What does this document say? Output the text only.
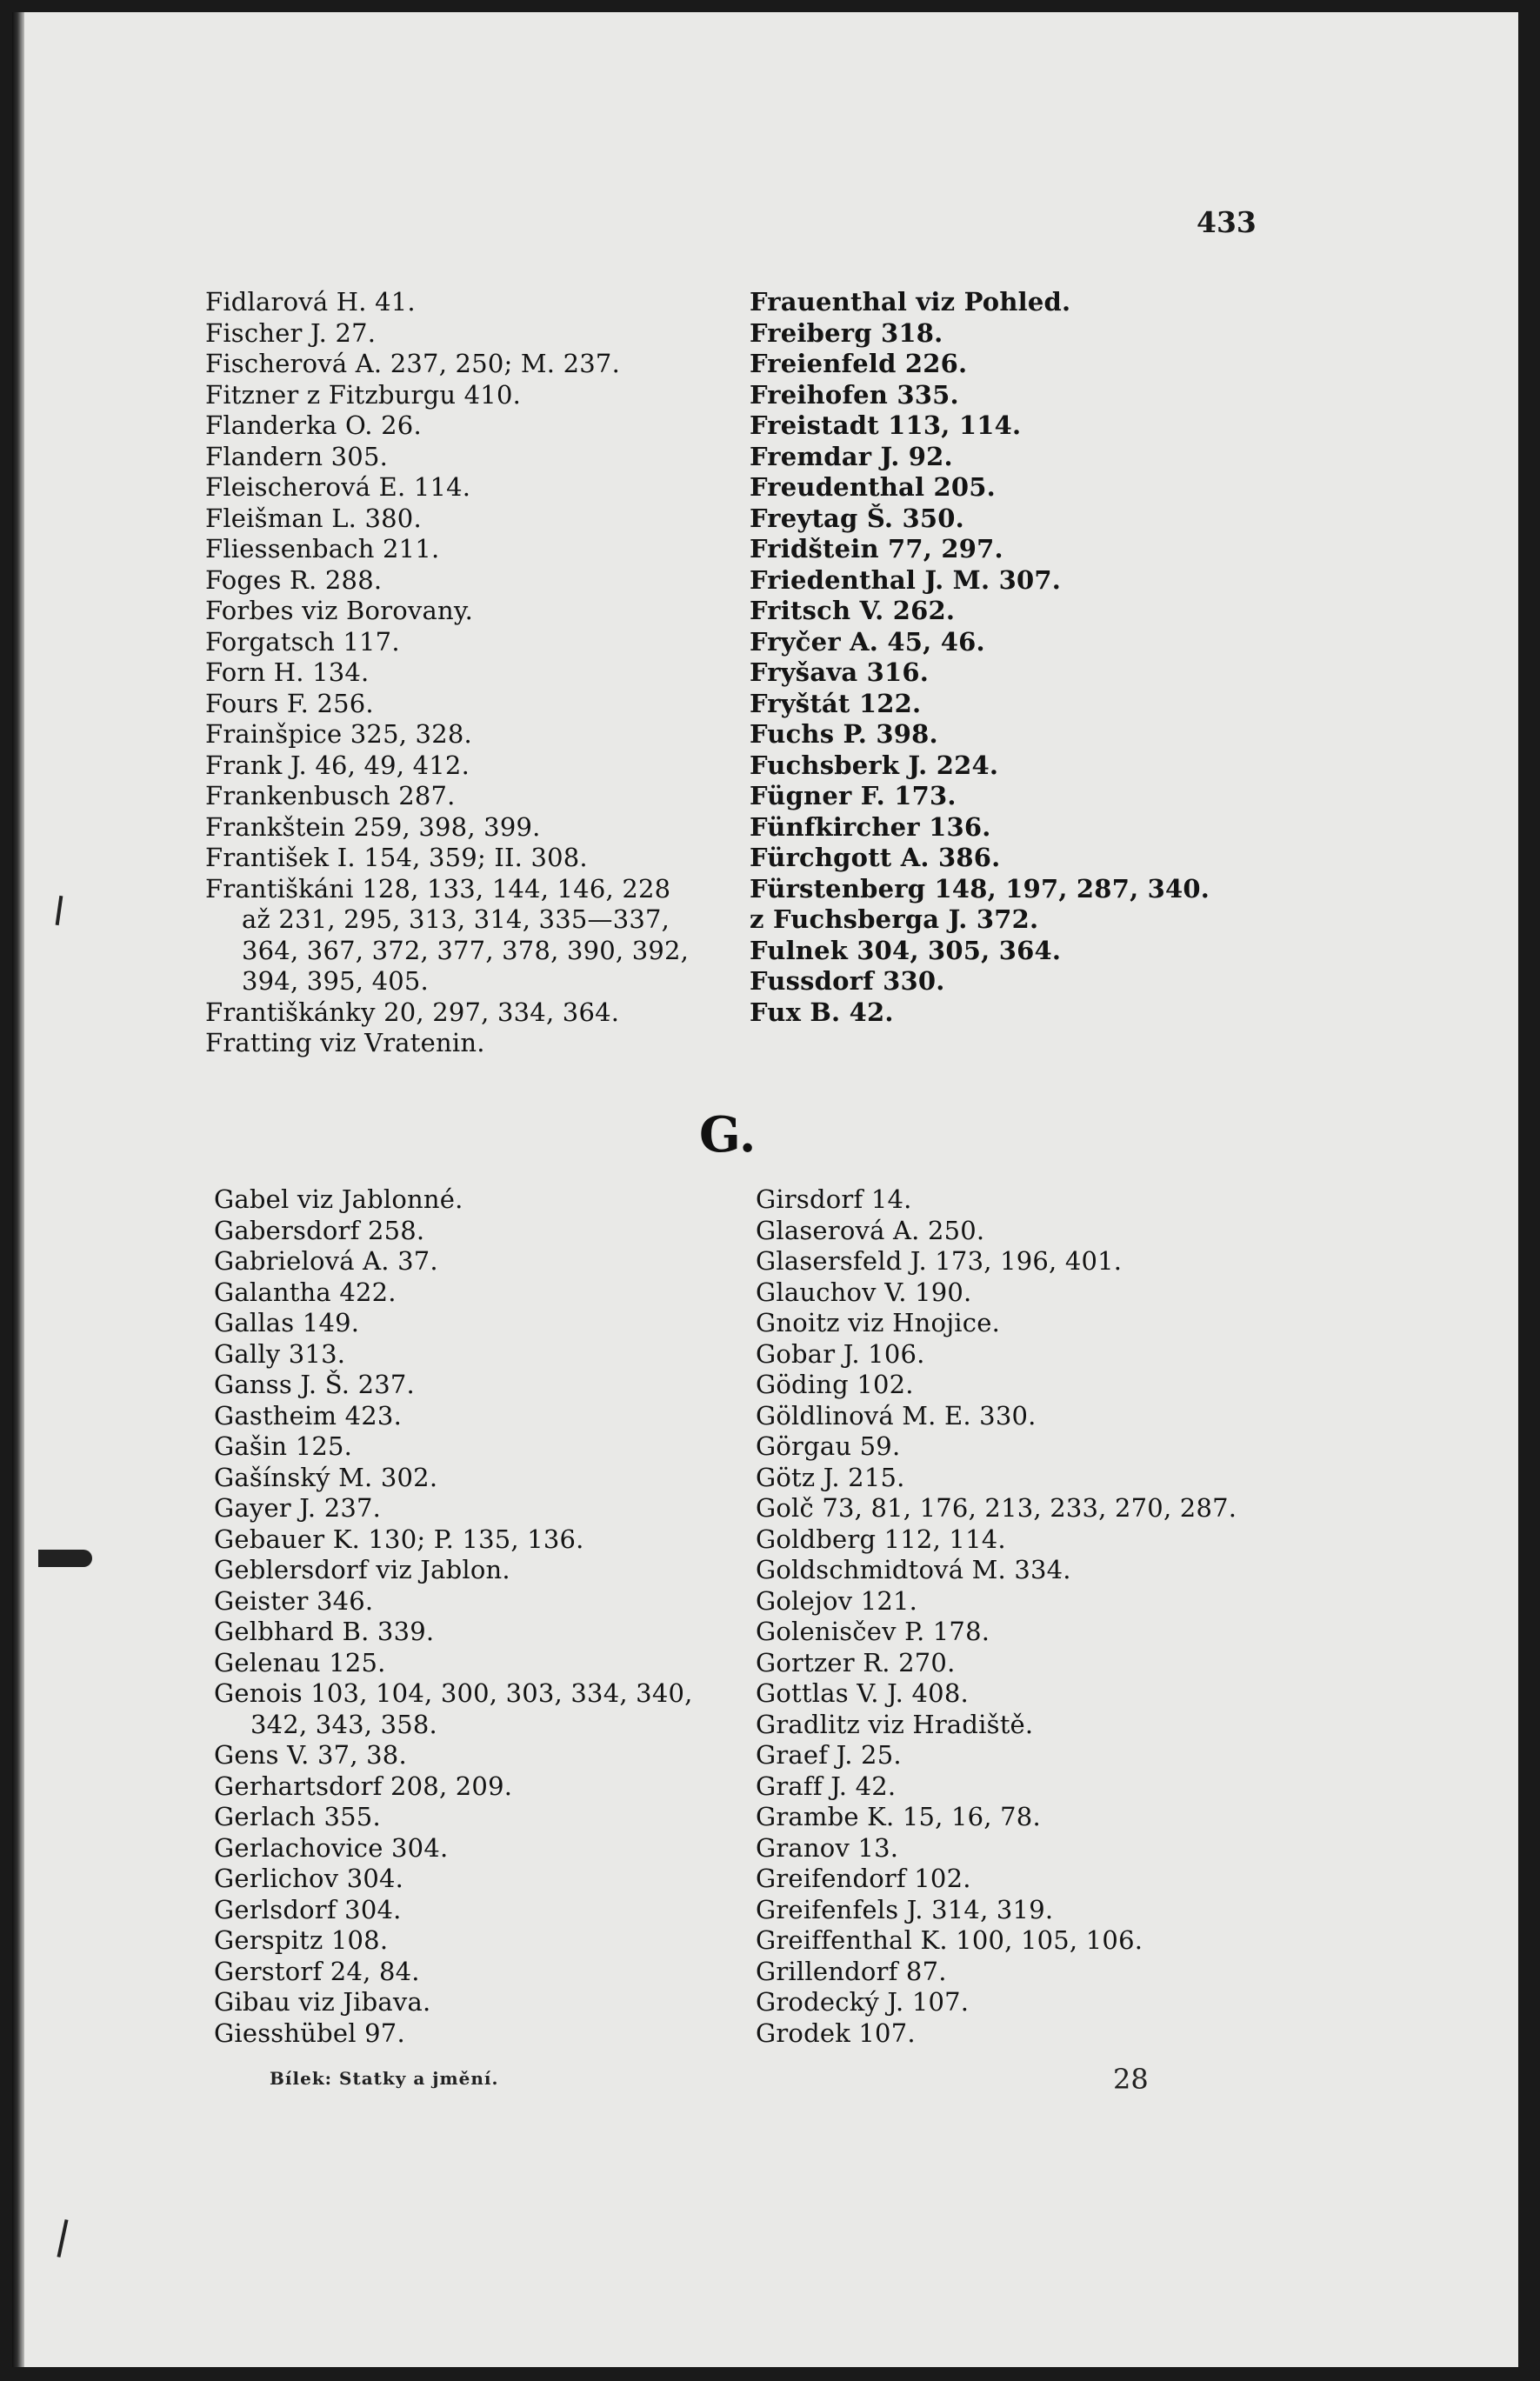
433
Fidlarová H. 41.
Fischer J. 27.
Fischerová A. 237, 250; M. 237.
Fitzner z Fitzburgu 410.
Flanderka O. 26.
Flandern 305.
Fleischerová E. 114.
Fleišman L. 380.
Fliessenbach 211.
Foges R. 288.
Forbes viz Borovany.
Forgatsch 117.
Forn H. 134.
Fours F. 256.
Frainšpice 325, 328.
Frank J. 46, 49, 412.
Frankenbusch 287.
Frankštein 259, 398, 399.
František I. 154, 359; II. 308.
Františkáni 128, 133, 144, 146, 228
až 231, 295, 313, 314, 335—337,
364, 367, 372, 377, 378, 390, 392,
394, 395, 405.
Františkánky 20, 297, 334, 364.
Fratting viz Vratenin.
Frauenthal viz Pohled.
Freiberg 318.
Freienfeld 226.
Freihofen 335.
Freistadt 113, 114.
Fremdar J. 92.
Freudenthal 205.
Freytag Š. 350.
Fridštein 77, 297.
Friedenthal J. M. 307.
Fritsch V. 262.
Fryčer A. 45, 46.
Fryšava 316.
Fryštát 122.
Fuchs P. 398.
Fuchsberk J. 224.
Fügner F. 173.
Fünfkircher 136.
Fürchgott A. 386.
Fürstenberg 148, 197, 287, 340.
z Fuchsberga J. 372.
Fulnek 304, 305, 364.
Fussdorf 330.
Fux B. 42.
G.
Gabel viz Jablonné.
Gabersdorf 258.
Gabrielová A. 37.
Galantha 422.
Gallas 149.
Gally 313.
Ganss J. Š. 237.
Gastheim 423.
Gašin 125.
Gašínský M. 302.
Gayer J. 237.
Gebauer K. 130; P. 135, 136.
Geblersdorf viz Jablon.
Geister 346.
Gelbhard B. 339.
Gelenau 125.
Genois 103, 104, 300, 303, 334, 340,
342, 343, 358.
Gens V. 37, 38.
Gerhartsdorf 208, 209.
Gerlach 355.
Gerlachovice 304.
Gerlichov 304.
Gerlsdorf 304.
Gerspitz 108.
Gerstorf 24, 84.
Gibau viz Jibava.
Giesshübel 97.
Girsdorf 14.
Glaserová A. 250.
Glasersfeld J. 173, 196, 401.
Glauchov V. 190.
Gnoitz viz Hnojice.
Gobar J. 106.
Göding 102.
Göldlinová M. E. 330.
Görgau 59.
Götz J. 215.
Golč 73, 81, 176, 213, 233, 270, 287.
Goldberg 112, 114.
Goldschmidtová M. 334.
Golejov 121.
Golenisčev P. 178.
Gortzer R. 270.
Gottlas V. J. 408.
Gradlitz viz Hradiště.
Graef J. 25.
Graff J. 42.
Grambe K. 15, 16, 78.
Granov 13.
Greifendorf 102.
Greifenfels J. 314, 319.
Greiffenthal K. 100, 105, 106.
Grillendorf 87.
Grodecký J. 107.
Grodek 107.
Bílek: Statky a jmění.	28
